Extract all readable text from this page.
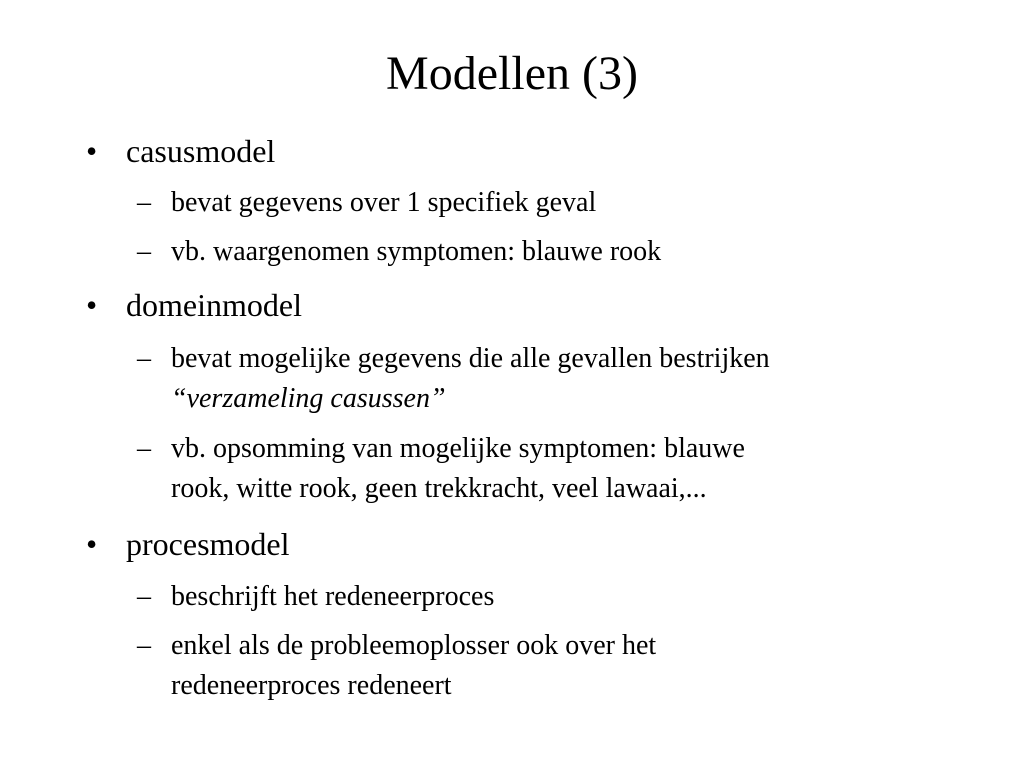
Modellen (3)
• casusmodel
– bevat gegevens over 1 specifiek geval
– vb. waargenomen symptomen: blauwe rook
• domeinmodel
– bevat mogelijke gegevens die alle gevallen bestrijken
“verzameling casussen”
– vb. opsomming van mogelijke symptomen: blauwe
rook, witte rook, geen trekkracht, veel lawaai,...
• procesmodel
– beschrijft het redeneerproces
– enkel als de probleemoplosser ook over het
redeneerproces redeneert
